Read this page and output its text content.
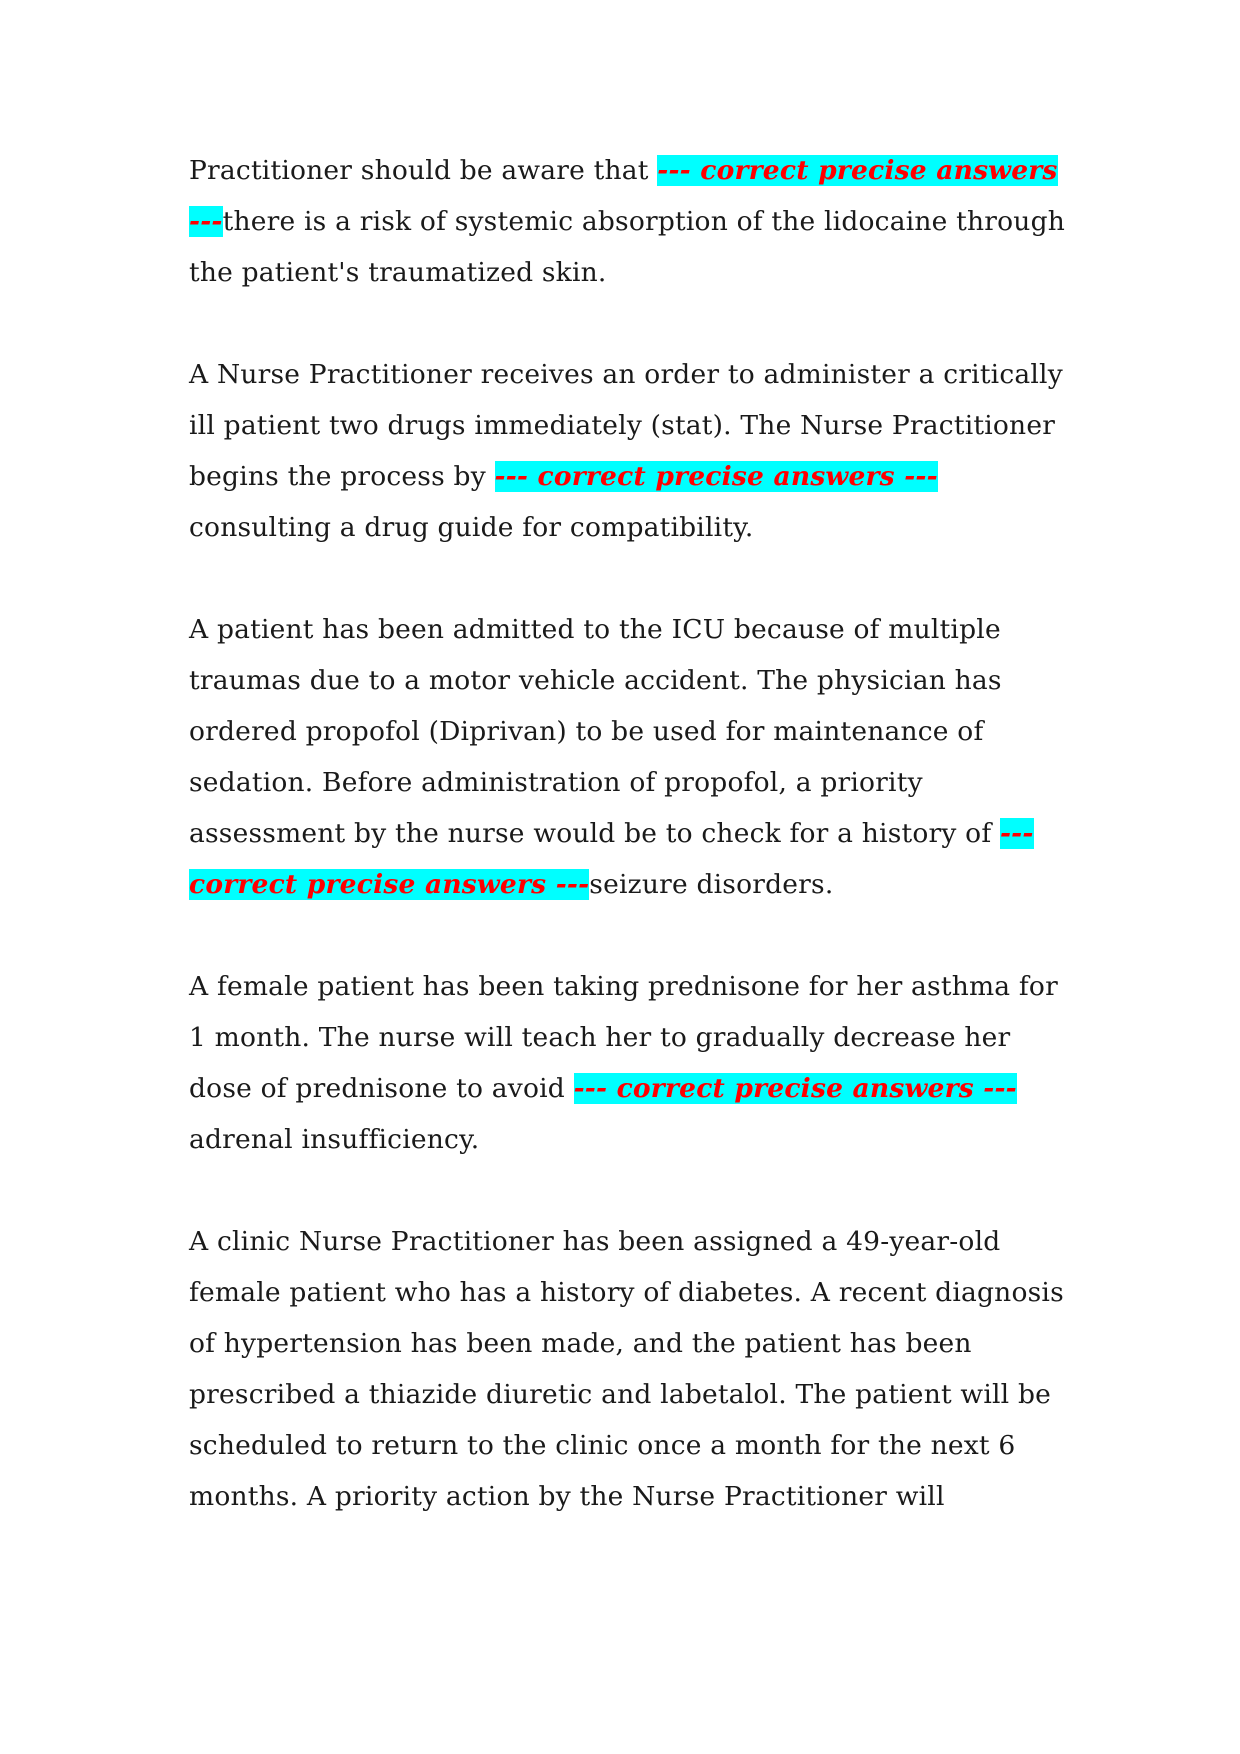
Practitioner should be aware that --- correct precise answers ---there is a risk of systemic absorption of the lidocaine through the patient's traumatized skin.

A Nurse Practitioner receives an order to administer a critically ill patient two drugs immediately (stat). The Nurse Practitioner begins the process by --- correct precise answers ---consulting a drug guide for compatibility.

A patient has been admitted to the ICU because of multiple traumas due to a motor vehicle accident. The physician has ordered propofol (Diprivan) to be used for maintenance of sedation. Before administration of propofol, a priority assessment by the nurse would be to check for a history of --- correct precise answers ---seizure disorders.

A female patient has been taking prednisone for her asthma for 1 month. The nurse will teach her to gradually decrease her dose of prednisone to avoid --- correct precise answers ---adrenal insufficiency.

A clinic Nurse Practitioner has been assigned a 49-year-old female patient who has a history of diabetes. A recent diagnosis of hypertension has been made, and the patient has been prescribed a thiazide diuretic and labetalol. The patient will be scheduled to return to the clinic once a month for the next 6 months. A priority action by the Nurse Practitioner will
